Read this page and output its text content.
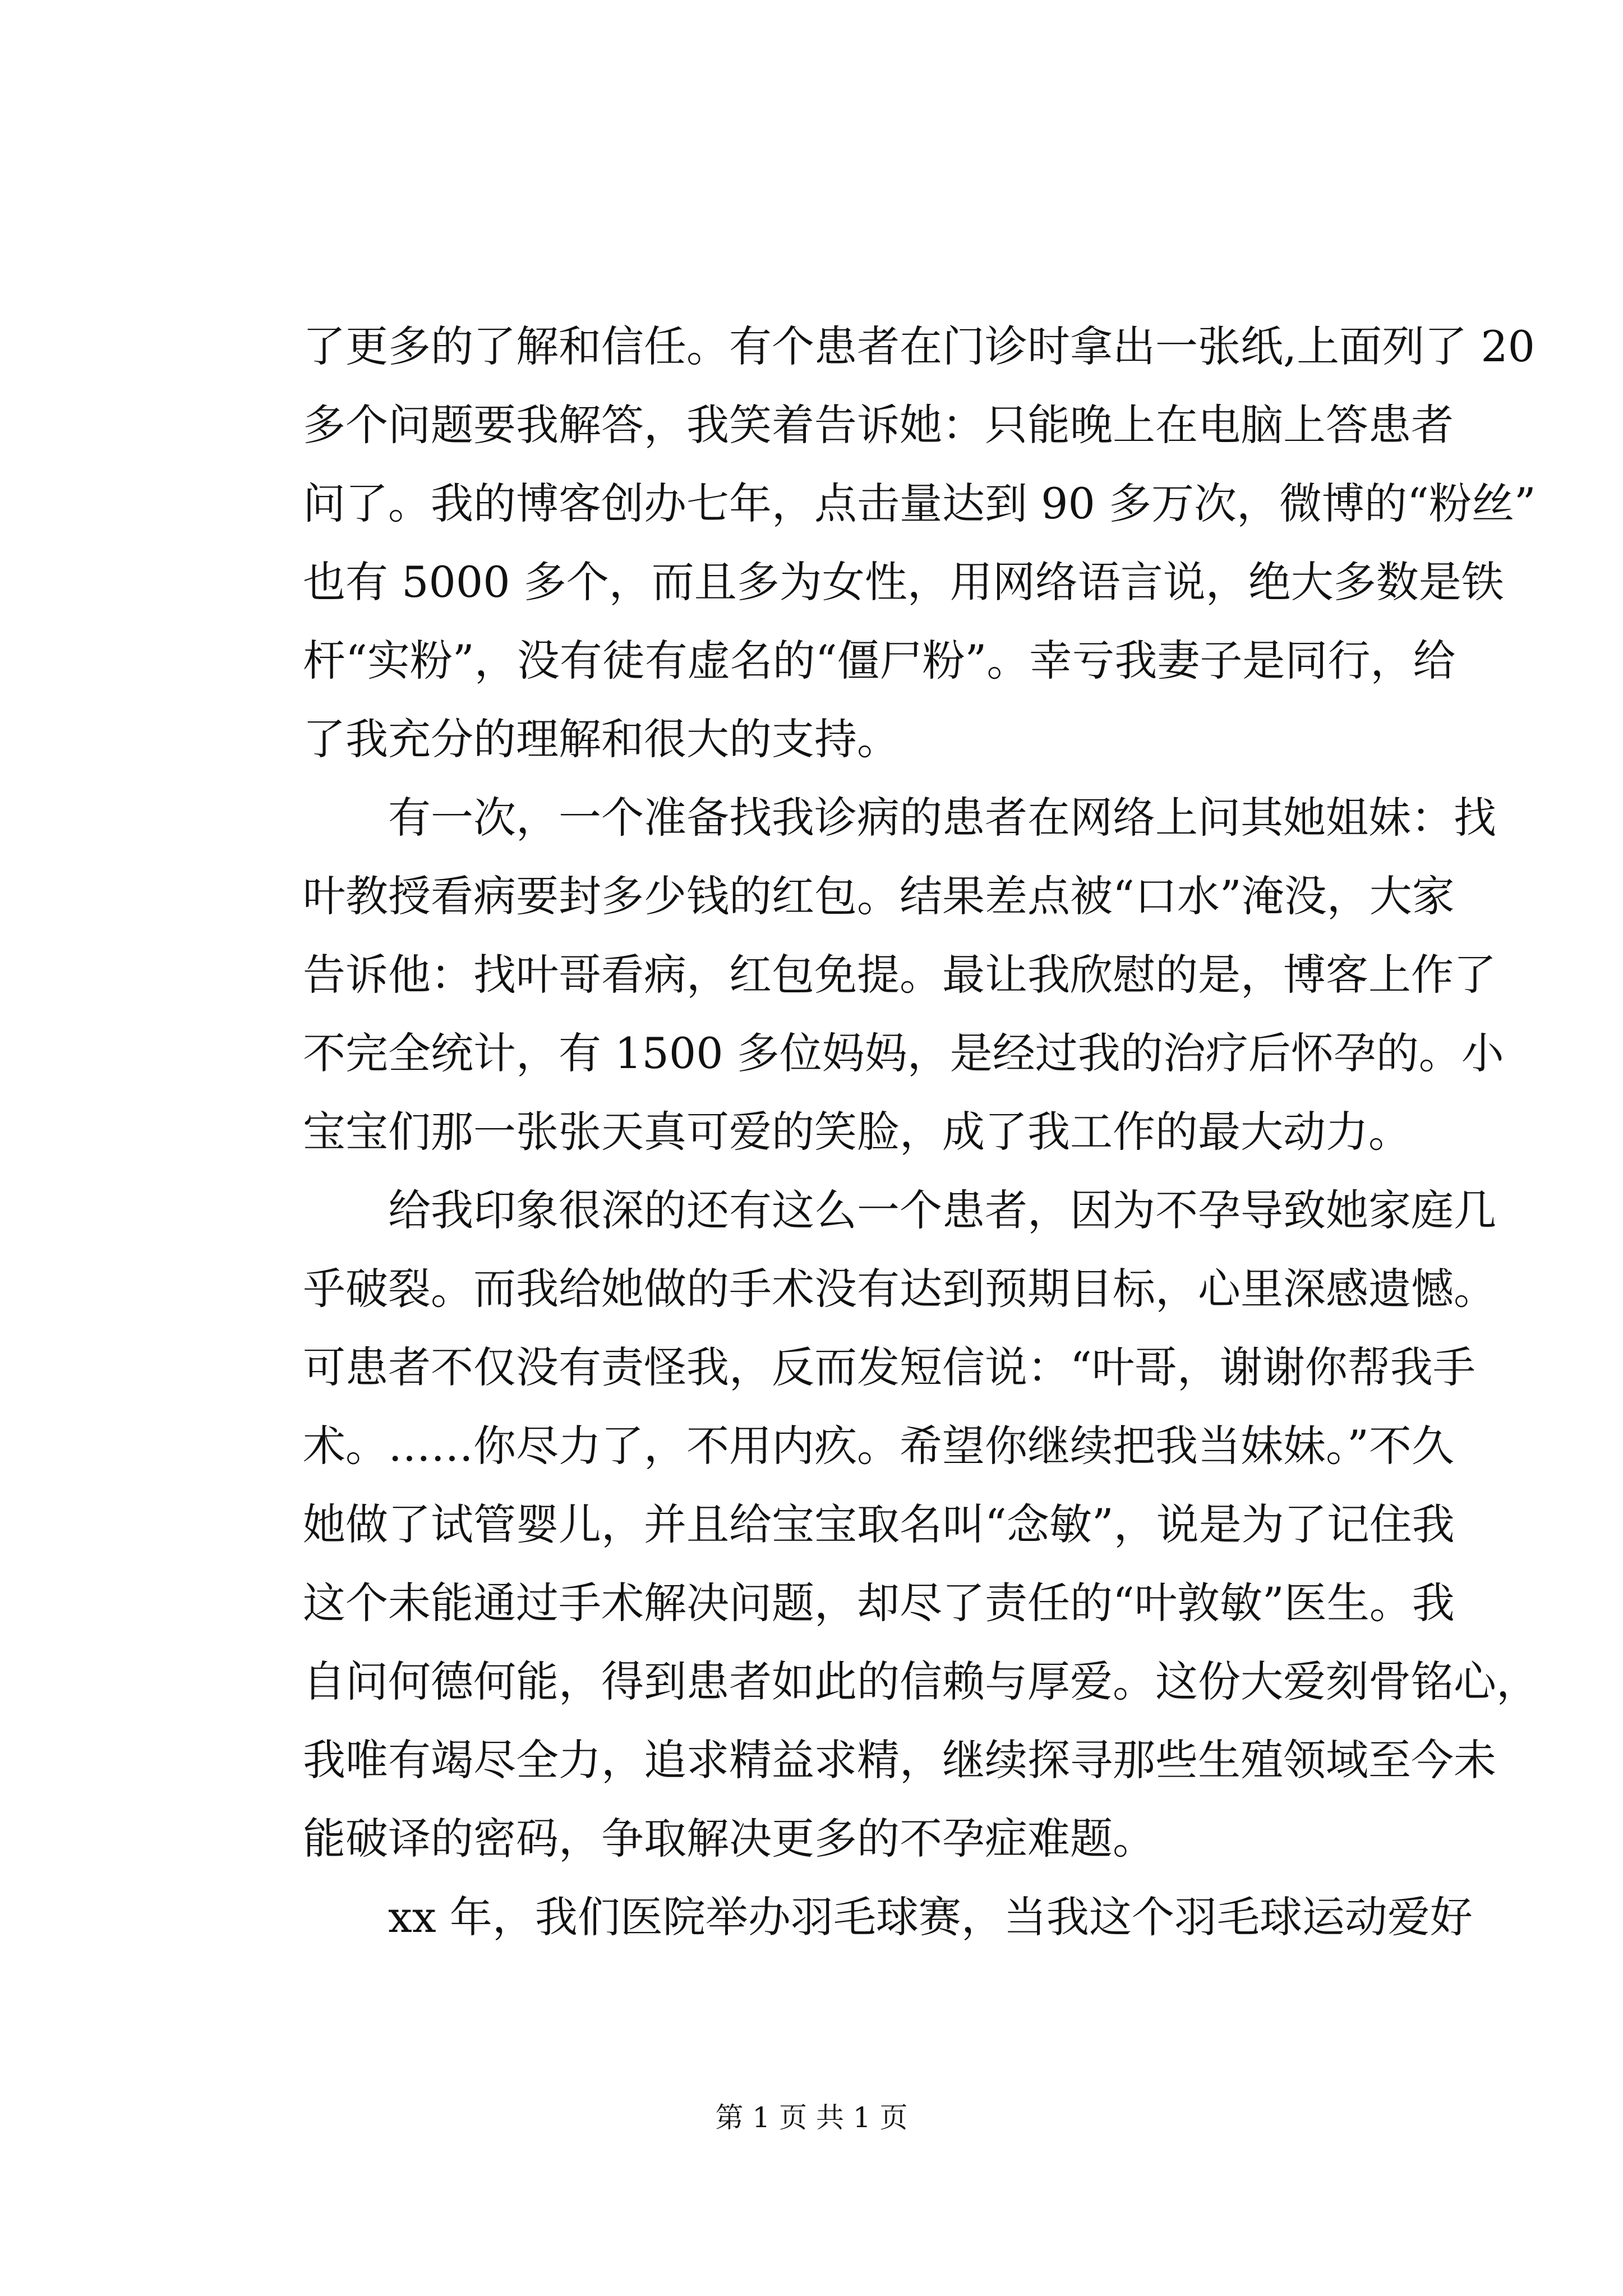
了更多的了解和信任。有个患者在门诊时拿出一张纸,上面列了 20
多个问题要我解答，我笑着告诉她：只能晚上在电脑上答患者
问了。我的博客创办七年，点击量达到 90 多万次，微博的“粉丝”
也有 5000 多个，而且多为女性，用网络语言说，绝大多数是铁
杆“实粉”，没有徒有虚名的“僵尸粉”。幸亏我妻子是同行，给
了我充分的理解和很大的支持。
有一次，一个准备找我诊病的患者在网络上问其她姐妹：找
叶教授看病要封多少钱的红包。结果差点被“口水”淹没，大家
告诉他：找叶哥看病，红包免提。最让我欣慰的是，博客上作了
不完全统计，有 1500 多位妈妈，是经过我的治疗后怀孕的。小
宝宝们那一张张天真可爱的笑脸，成了我工作的最大动力。
给我印象很深的还有这么一个患者，因为不孕导致她家庭几
乎破裂。而我给她做的手术没有达到预期目标，心里深感遗憾。
可患者不仅没有责怪我，反而发短信说：“叶哥，谢谢你帮我手
术。……你尽力了，不用内疚。希望你继续把我当妹妹。”不久
她做了试管婴儿，并且给宝宝取名叫“念敏”，说是为了记住我
这个未能通过手术解决问题，却尽了责任的“叶敦敏”医生。我
自问何德何能，得到患者如此的信赖与厚爱。这份大爱刻骨铭心，
我唯有竭尽全力，追求精益求精，继续探寻那些生殖领域至今未
能破译的密码，争取解决更多的不孕症难题。
xx 年，我们医院举办羽毛球赛，当我这个羽毛球运动爱好
第 1 页 共 1 页
